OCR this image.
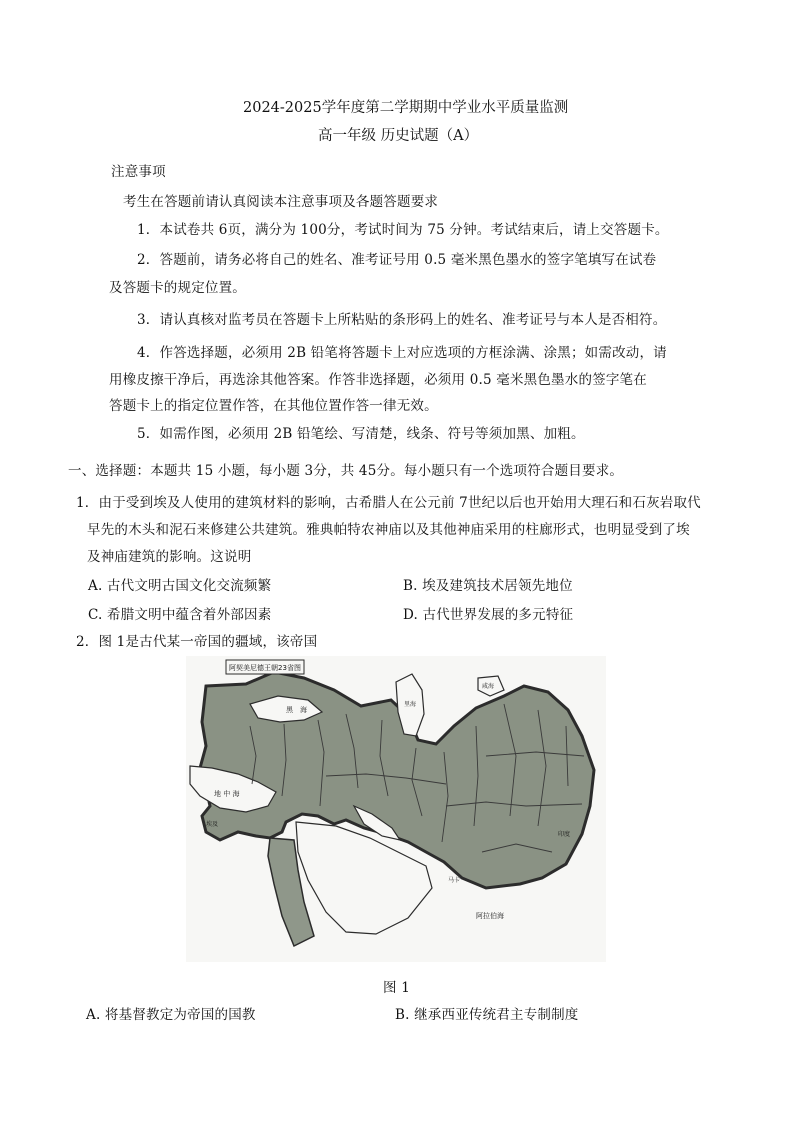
2024-2025学年度第二学期期中学业水平质量监测
高一年级 历史试题（A）
注意事项
考生在答题前请认真阅读本注意事项及各题答题要求
1．本试卷共 6页，满分为 100分，考试时间为 75 分钟。考试结束后，请上交答题卡。
2．答题前，请务必将自己的姓名、准考证号用 0.5 毫米黑色墨水的签字笔填写在试卷
及答题卡的规定位置。
3．请认真核对监考员在答题卡上所粘贴的条形码上的姓名、准考证号与本人是否相符。
4．作答选择题，必须用 2B 铅笔将答题卡上对应选项的方框涂满、涂黑；如需改动，请
用橡皮擦干净后，再选涂其他答案。作答非选择题，必须用 0.5 毫米黑色墨水的签字笔在
答题卡上的指定位置作答，在其他位置作答一律无效。
5．如需作图，必须用 2B 铅笔绘、写清楚，线条、符号等须加黑、加粗。
一、选择题：本题共 15 小题，每小题 3分，共 45分。每小题只有一个选项符合题目要求。
1．由于受到埃及人使用的建筑材料的影响，古希腊人在公元前 7世纪以后也开始用大理石和石灰岩取代
早先的木头和泥石来修建公共建筑。雅典帕特农神庙以及其他神庙采用的柱廊形式，也明显受到了埃
及神庙建筑的影响。这说明
A. 古代文明古国文化交流频繁	B. 埃及建筑技术居领先地位
C. 希腊文明中蕴含着外部因素	D. 古代世界发展的多元特征
2．图 1是古代某一帝国的疆域，该帝国
阿契美尼德王朝23省图
黑　海
地 中 海
里海
咸海
阿拉伯海
马卡
埃及
印度
图 1
A. 将基督教定为帝国的国教	B. 继承西亚传统君主专制制度
